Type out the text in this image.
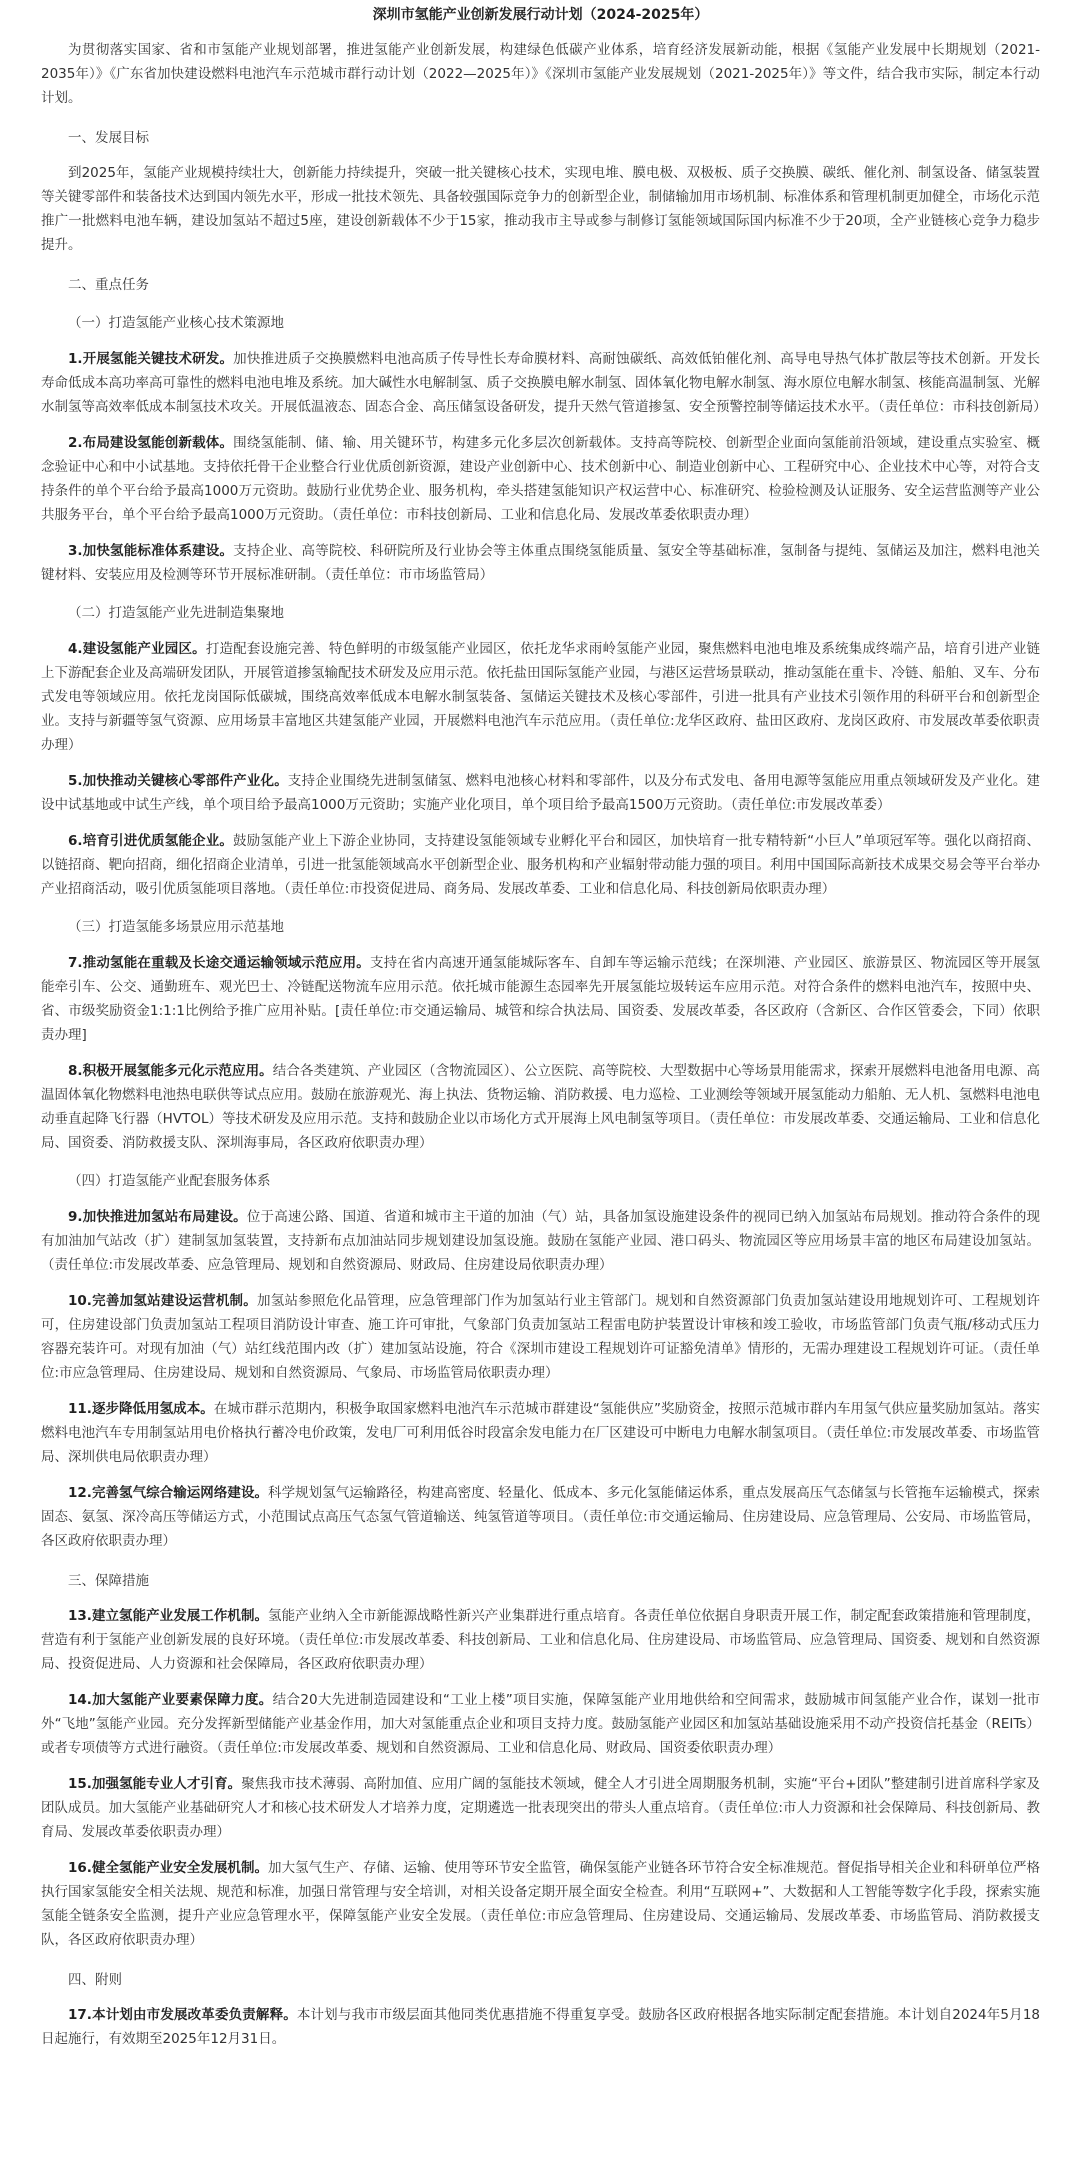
深圳市氢能产业创新发展行动计划（2024-2025年）

为贯彻落实国家、省和市氢能产业规划部署，推进氢能产业创新发展，构建绿色低碳产业体系，培育经济发展新动能，根据《氢能产业发展中长期规划（2021-2035年）》《广东省加快建设燃料电池汽车示范城市群行动计划（2022—2025年）》《深圳市氢能产业发展规划（2021-2025年）》等文件，结合我市实际，制定本行动计划。

一、发展目标

到2025年，氢能产业规模持续壮大，创新能力持续提升，突破一批关键核心技术，实现电堆、膜电极、双极板、质子交换膜、碳纸、催化剂、制氢设备、储氢装置等关键零部件和装备技术达到国内领先水平，形成一批技术领先、具备较强国际竞争力的创新型企业，制储输加用市场机制、标准体系和管理机制更加健全，市场化示范推广一批燃料电池车辆，建设加氢站不超过5座，建设创新载体不少于15家，推动我市主导或参与制修订氢能领域国际国内标准不少于20项，全产业链核心竞争力稳步提升。

二、重点任务
（一）打造氢能产业核心技术策源地

1.开展氢能关键技术研发。加快推进质子交换膜燃料电池高质子传导性长寿命膜材料、高耐蚀碳纸、高效低铂催化剂、高导电导热气体扩散层等技术创新。开发长寿命低成本高功率高可靠性的燃料电池电堆及系统。加大碱性水电解制氢、质子交换膜电解水制氢、固体氧化物电解水制氢、海水原位电解水制氢、核能高温制氢、光解水制氢等高效率低成本制氢技术攻关。开展低温液态、固态合金、高压储氢设备研发，提升天然气管道掺氢、安全预警控制等储运技术水平。（责任单位：市科技创新局）

2.布局建设氢能创新载体。围绕氢能制、储、输、用关键环节，构建多元化多层次创新载体。支持高等院校、创新型企业面向氢能前沿领域，建设重点实验室、概念验证中心和中小试基地。支持依托骨干企业整合行业优质创新资源，建设产业创新中心、技术创新中心、制造业创新中心、工程研究中心、企业技术中心等，对符合支持条件的单个平台给予最高1000万元资助。鼓励行业优势企业、服务机构，牵头搭建氢能知识产权运营中心、标准研究、检验检测及认证服务、安全运营监测等产业公共服务平台，单个平台给予最高1000万元资助。（责任单位：市科技创新局、工业和信息化局、发展改革委依职责办理）

3.加快氢能标准体系建设。支持企业、高等院校、科研院所及行业协会等主体重点围绕氢能质量、氢安全等基础标准，氢制备与提纯、氢储运及加注，燃料电池关键材料、安装应用及检测等环节开展标准研制。（责任单位：市市场监管局）

（二）打造氢能产业先进制造集聚地

4.建设氢能产业园区。打造配套设施完善、特色鲜明的市级氢能产业园区，依托龙华求雨岭氢能产业园，聚焦燃料电池电堆及系统集成终端产品，培育引进产业链上下游配套企业及高端研发团队，开展管道掺氢输配技术研发及应用示范。依托盐田国际氢能产业园，与港区运营场景联动，推动氢能在重卡、冷链、船舶、叉车、分布式发电等领域应用。依托龙岗国际低碳城，围绕高效率低成本电解水制氢装备、氢储运关键技术及核心零部件，引进一批具有产业技术引领作用的科研平台和创新型企业。支持与新疆等氢气资源、应用场景丰富地区共建氢能产业园，开展燃料电池汽车示范应用。（责任单位:龙华区政府、盐田区政府、龙岗区政府、市发展改革委依职责办理）

5.加快推动关键核心零部件产业化。支持企业围绕先进制氢储氢、燃料电池核心材料和零部件，以及分布式发电、备用电源等氢能应用重点领域研发及产业化。建设中试基地或中试生产线，单个项目给予最高1000万元资助；实施产业化项目，单个项目给予最高1500万元资助。（责任单位:市发展改革委）

6.培育引进优质氢能企业。鼓励氢能产业上下游企业协同，支持建设氢能领域专业孵化平台和园区，加快培育一批专精特新“小巨人”单项冠军等。强化以商招商、以链招商、靶向招商，细化招商企业清单，引进一批氢能领域高水平创新型企业、服务机构和产业辐射带动能力强的项目。利用中国国际高新技术成果交易会等平台举办产业招商活动，吸引优质氢能项目落地。（责任单位:市投资促进局、商务局、发展改革委、工业和信息化局、科技创新局依职责办理）

（三）打造氢能多场景应用示范基地

7.推动氢能在重载及长途交通运输领域示范应用。支持在省内高速开通氢能城际客车、自卸车等运输示范线；在深圳港、产业园区、旅游景区、物流园区等开展氢能牵引车、公交、通勤班车、观光巴士、冷链配送物流车应用示范。依托城市能源生态园率先开展氢能垃圾转运车应用示范。对符合条件的燃料电池汽车，按照中央、省、市级奖励资金1:1:1比例给予推广应用补贴。[责任单位:市交通运输局、城管和综合执法局、国资委、发展改革委，各区政府（含新区、合作区管委会，下同）依职责办理]

8.积极开展氢能多元化示范应用。结合各类建筑、产业园区（含物流园区）、公立医院、高等院校、大型数据中心等场景用能需求，探索开展燃料电池备用电源、高温固体氧化物燃料电池热电联供等试点应用。鼓励在旅游观光、海上执法、货物运输、消防救援、电力巡检、工业测绘等领域开展氢能动力船舶、无人机、氢燃料电池电动垂直起降飞行器（HVTOL）等技术研发及应用示范。支持和鼓励企业以市场化方式开展海上风电制氢等项目。（责任单位：市发展改革委、交通运输局、工业和信息化局、国资委、消防救援支队、深圳海事局，各区政府依职责办理）

（四）打造氢能产业配套服务体系

9.加快推进加氢站布局建设。位于高速公路、国道、省道和城市主干道的加油（气）站，具备加氢设施建设条件的视同已纳入加氢站布局规划。推动符合条件的现有加油加气站改（扩）建制氢加氢装置，支持新布点加油站同步规划建设加氢设施。鼓励在氢能产业园、港口码头、物流园区等应用场景丰富的地区布局建设加氢站。（责任单位:市发展改革委、应急管理局、规划和自然资源局、财政局、住房建设局依职责办理）

10.完善加氢站建设运营机制。加氢站参照危化品管理，应急管理部门作为加氢站行业主管部门。规划和自然资源部门负责加氢站建设用地规划许可、工程规划许可，住房建设部门负责加氢站工程项目消防设计审查、施工许可审批，气象部门负责加氢站工程雷电防护装置设计审核和竣工验收，市场监管部门负责气瓶/移动式压力容器充装许可。对现有加油（气）站红线范围内改（扩）建加氢站设施，符合《深圳市建设工程规划许可证豁免清单》情形的，无需办理建设工程规划许可证。（责任单位:市应急管理局、住房建设局、规划和自然资源局、气象局、市场监管局依职责办理）

11.逐步降低用氢成本。在城市群示范期内，积极争取国家燃料电池汽车示范城市群建设“氢能供应”奖励资金，按照示范城市群内车用氢气供应量奖励加氢站。落实燃料电池汽车专用制氢站用电价格执行蓄冷电价政策，发电厂可利用低谷时段富余发电能力在厂区建设可中断电力电解水制氢项目。（责任单位:市发展改革委、市场监管局、深圳供电局依职责办理）

12.完善氢气综合输运网络建设。科学规划氢气运输路径，构建高密度、轻量化、低成本、多元化氢能储运体系，重点发展高压气态储氢与长管拖车运输模式，探索固态、氨氢、深冷高压等储运方式，小范围试点高压气态氢气管道输送、纯氢管道等项目。（责任单位:市交通运输局、住房建设局、应急管理局、公安局、市场监管局，各区政府依职责办理）

三、保障措施

13.建立氢能产业发展工作机制。氢能产业纳入全市新能源战略性新兴产业集群进行重点培育。各责任单位依据自身职责开展工作，制定配套政策措施和管理制度，营造有利于氢能产业创新发展的良好环境。（责任单位:市发展改革委、科技创新局、工业和信息化局、住房建设局、市场监管局、应急管理局、国资委、规划和自然资源局、投资促进局、人力资源和社会保障局，各区政府依职责办理）

14.加大氢能产业要素保障力度。结合20大先进制造园建设和“工业上楼”项目实施，保障氢能产业用地供给和空间需求，鼓励城市间氢能产业合作，谋划一批市外“飞地”氢能产业园。充分发挥新型储能产业基金作用，加大对氢能重点企业和项目支持力度。鼓励氢能产业园区和加氢站基础设施采用不动产投资信托基金（REITs）或者专项债等方式进行融资。（责任单位:市发展改革委、规划和自然资源局、工业和信息化局、财政局、国资委依职责办理）

15.加强氢能专业人才引育。聚焦我市技术薄弱、高附加值、应用广阔的氢能技术领域，健全人才引进全周期服务机制，实施“平台+团队”整建制引进首席科学家及团队成员。加大氢能产业基础研究人才和核心技术研发人才培养力度，定期遴选一批表现突出的带头人重点培育。（责任单位:市人力资源和社会保障局、科技创新局、教育局、发展改革委依职责办理）

16.健全氢能产业安全发展机制。加大氢气生产、存储、运输、使用等环节安全监管，确保氢能产业链各环节符合安全标准规范。督促指导相关企业和科研单位严格执行国家氢能安全相关法规、规范和标准，加强日常管理与安全培训，对相关设备定期开展全面安全检查。利用“互联网+”、大数据和人工智能等数字化手段，探索实施氢能全链条安全监测，提升产业应急管理水平，保障氢能产业安全发展。（责任单位:市应急管理局、住房建设局、交通运输局、发展改革委、市场监管局、消防救援支队，各区政府依职责办理）

四、附则

17.本计划由市发展改革委负责解释。本计划与我市市级层面其他同类优惠措施不得重复享受。鼓励各区政府根据各地实际制定配套措施。本计划自2024年5月18日起施行，有效期至2025年12月31日。
